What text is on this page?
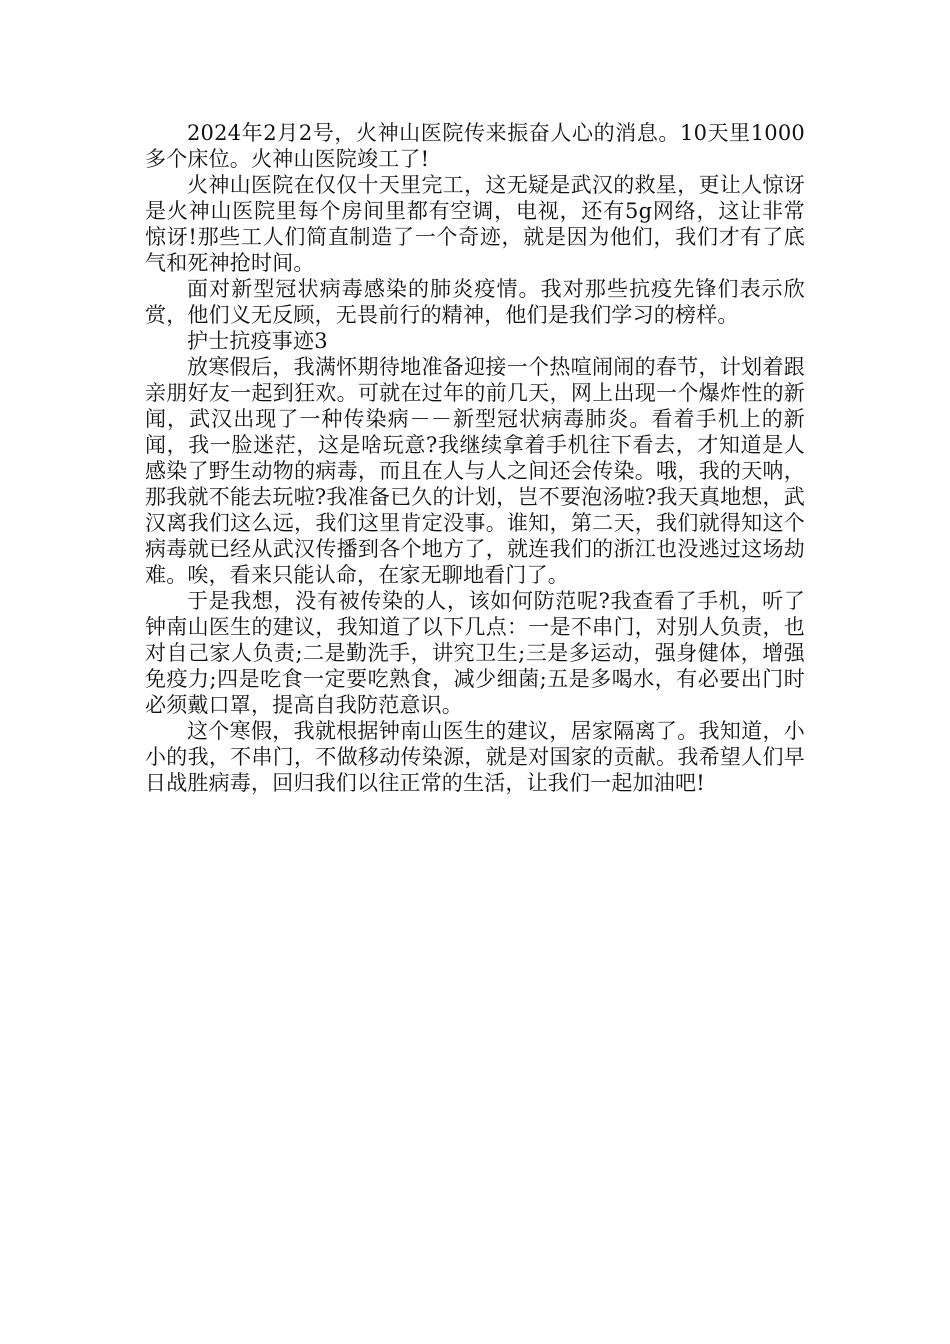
2024年2月2号，火神山医院传来振奋人心的消息。10天里1000多个床位。火神山医院竣工了!

火神山医院在仅仅十天里完工，这无疑是武汉的救星，更让人惊讶是火神山医院里每个房间里都有空调，电视，还有5g网络，这让非常惊讶!那些工人们简直制造了一个奇迹，就是因为他们，我们才有了底气和死神抢时间。

面对新型冠状病毒感染的肺炎疫情。我对那些抗疫先锋们表示欣赏，他们义无反顾，无畏前行的精神，他们是我们学习的榜样。

护士抗疫事迹3

放寒假后，我满怀期待地准备迎接一个热喧闹闹的春节，计划着跟亲朋好友一起到狂欢。可就在过年的前几天，网上出现一个爆炸性的新闻，武汉出现了一种传染病－－新型冠状病毒肺炎。看着手机上的新闻，我一脸迷茫，这是啥玩意?我继续拿着手机往下看去，才知道是人感染了野生动物的病毒，而且在人与人之间还会传染。哦，我的天呐，那我就不能去玩啦?我准备已久的计划，岂不要泡汤啦?我天真地想，武汉离我们这么远，我们这里肯定没事。谁知，第二天，我们就得知这个病毒就已经从武汉传播到各个地方了，就连我们的浙江也没逃过这场劫难。唉，看来只能认命，在家无聊地看门了。

于是我想，没有被传染的人，该如何防范呢?我查看了手机，听了钟南山医生的建议，我知道了以下几点：一是不串门，对别人负责，也对自己家人负责;二是勤洗手，讲究卫生;三是多运动，强身健体，增强免疫力;四是吃食一定要吃熟食，减少细菌;五是多喝水，有必要出门时必须戴口罩，提高自我防范意识。

这个寒假，我就根据钟南山医生的建议，居家隔离了。我知道，小小的我，不串门，不做移动传染源，就是对国家的贡献。我希望人们早日战胜病毒，回归我们以往正常的生活，让我们一起加油吧!
